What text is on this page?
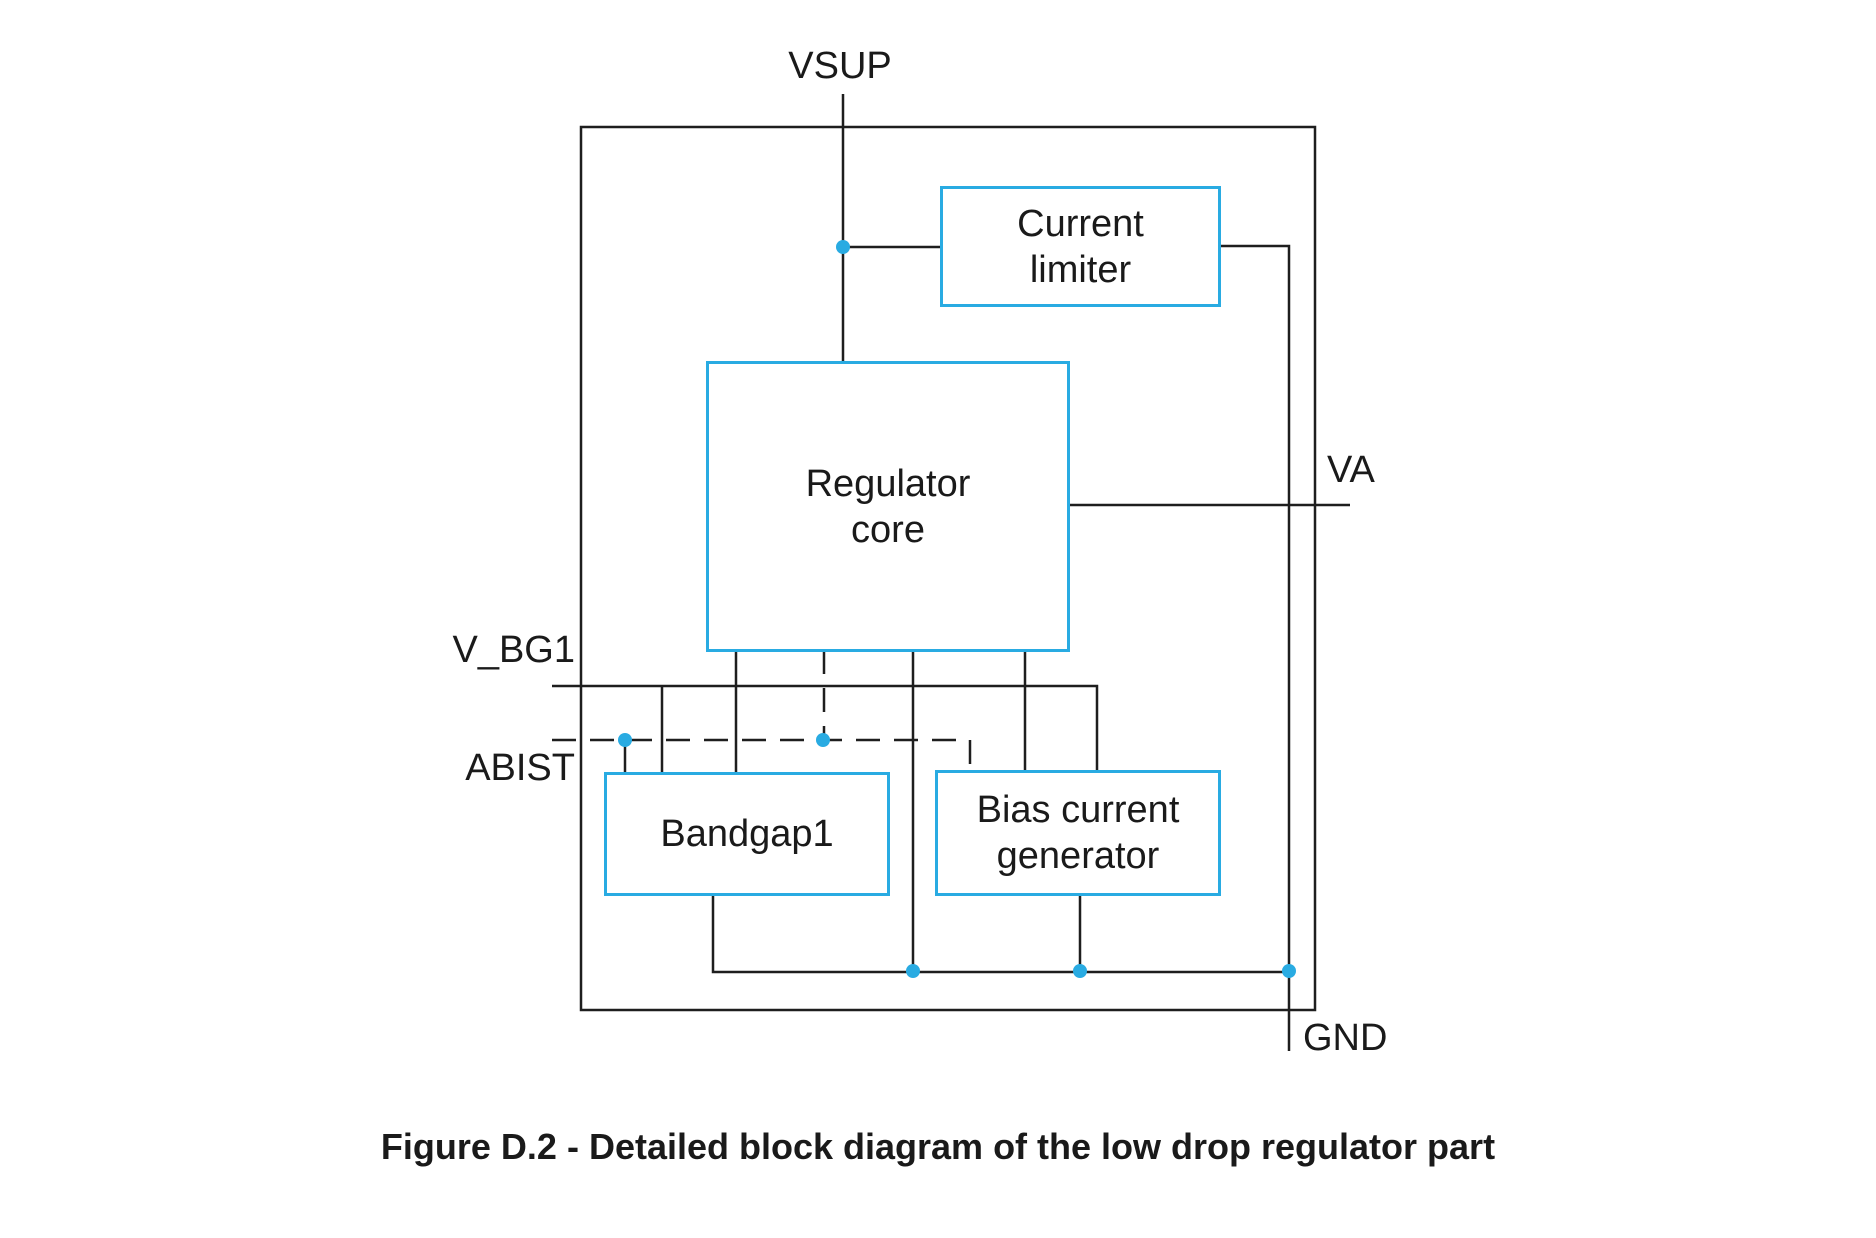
Current
limiter
Regulator
core
Bandgap1
Bias current
generator
VSUP
VA
V_BG1
ABIST
GND
Figure D.2 - Detailed block diagram of the low drop regulator part
